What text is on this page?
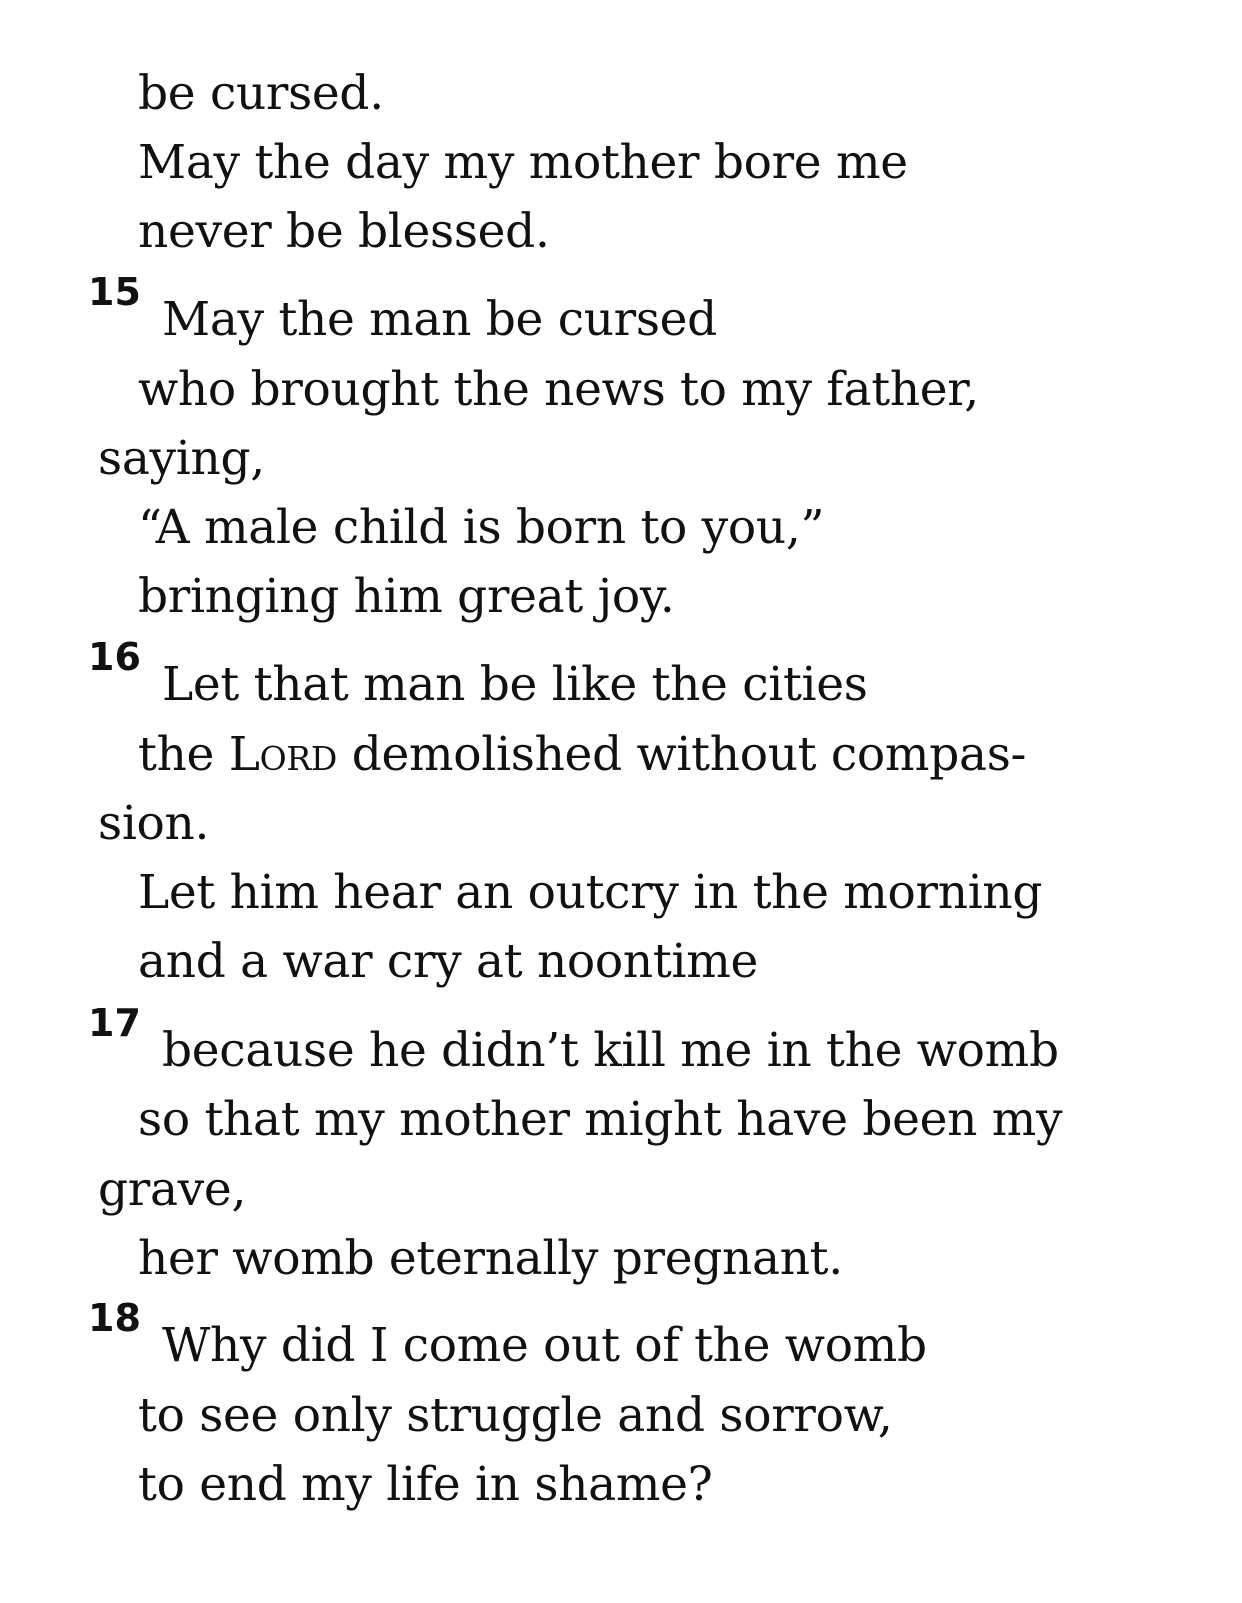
be cursed.
May the day my mother bore me
never be blessed.
15 May the man be cursed
who brought the news to my father,
saying,
“A male child is born to you,”
bringing him great joy.
16 Let that man be like the cities
the Lord demolished without compas-
sion.
Let him hear an outcry in the morning
and a war cry at noontime
17 because he didn’t kill me in the womb
so that my mother might have been my
grave,
her womb eternally pregnant.
18 Why did I come out of the womb
to see only struggle and sorrow,
to end my life in shame?
